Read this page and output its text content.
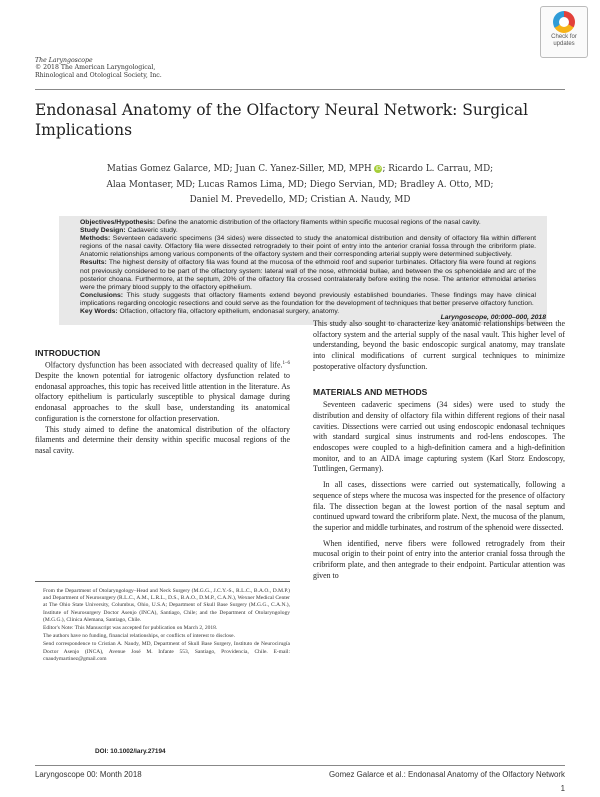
Check for
updates
The Laryngoscope
© 2018 The American Laryngological,
Rhinological and Otological Society, Inc.
Endonasal Anatomy of the Olfactory Neural Network: Surgical Implications
Matias Gomez Galarce, MD; Juan C. Yanez-Siller, MD, MPH iD ; Ricardo L. Carrau, MD;
Alaa Montaser, MD; Lucas Ramos Lima, MD; Diego Servian, MD; Bradley A. Otto, MD;
Daniel M. Prevedello, MD; Cristian A. Naudy, MD

Objectives/Hypothesis: Define the anatomic distribution of the olfactory filaments within specific mucosal regions of the nasal cavity.

Study Design: Cadaveric study.

Methods: Seventeen cadaveric specimens (34 sides) were dissected to study the anatomical distribution and density of olfactory fila within different regions of the nasal cavity. Olfactory fila were dissected retrogradely to their point of entry into the anterior cranial fossa through the cribriform plate. Anatomic relationships among various components of the olfactory system and their corresponding arterial supply were determined subjectively.

Results: The highest density of olfactory fila was found at the mucosa of the ethmoid roof and superior turbinates. Olfactory fila were found at regions not previously considered to be part of the olfactory system: lateral wall of the nose, ethmoidal bullae, and between the os sphenoidale and arc of the posterior choana. Furthermore, at the septum, 20% of the olfactory fila crossed contralaterally before exiting the nose. The anterior ethmoidal arteries were the primary blood supply to the olfactory epithelium.

Conclusions: This study suggests that olfactory filaments extend beyond previously established boundaries. These findings may have clinical implications regarding oncologic resections and could serve as the foundation for the development of techniques that better preserve olfactory function.

Key Words: Olfaction, olfactory fila, olfactory epithelium, endonasal surgery, anatomy.

Laryngoscope, 00:000–000, 2018
INTRODUCTION

Olfactory dysfunction has been associated with decreased quality of life.$^{1-6}$ Despite the known potential for iatrogenic olfactory dysfunction related to endonasal approaches, this topic has received little attention in the literature. As olfactory epithelium is particularly susceptible to physical damage during endonasal approaches to the skull base, understanding its anatomical configuration is the cornerstone for olfaction preservation.

This study aimed to define the anatomical distribution of the olfactory filaments and determine their density within specific mucosal regions of the nasal cavity.

From the Department of Otolaryngology–Head and Neck Surgery (M.G.G., J.C.Y.-S., R.L.C., B.A.O., D.M.P.) and Department of Neurosurgery (R.L.C., A.M., L.R.L., D.S., B.A.O., D.M.P., C.A.N.), Wexner Medical Center at The Ohio State University, Columbus, Ohio, U.S.A; Department of Skull Base Surgery (M.G.G., C.A.N.), Institute of Neurosurgery Doctor Asenjo (INCA), Santiago, Chile; and the Department of Otolaryngology (M.G.G.), Clinica Alemana, Santiago, Chile.

Editor's Note: This Manuscript was accepted for publication on March 2, 2018.

The authors have no funding, financial relationships, or conflicts of interest to disclose.

Send correspondence to Cristian A. Naudy, MD, Department of Skull Base Surgery, Instituto de Neurocirugía Doctor Asenjo (INCA), Avenue José M. Infante 553, Santiago, Providencia, Chile. E-mail: cnaudymartinez@gmail.com

DOI: 10.1002/lary.27194

This study also sought to characterize key anatomic relationships between the olfactory system and the arterial supply of the nasal vault. This higher level of understanding, beyond the basic endoscopic surgical anatomy, may translate into clinical modifications of current surgical techniques to minimize postoperative olfactory dysfunction.

MATERIALS AND METHODS

Seventeen cadaveric specimens (34 sides) were used to study the distribution and density of olfactory fila within different regions of their nasal cavities. Dissections were carried out using endoscopic endonasal techniques with standard surgical sinus instruments and rod-lens endoscopes. The endoscopes were coupled to a high-definition camera and a high-definition monitor, and to an AIDA image capturing system (Karl Storz Endoscopy, Tuttlingen, Germany).

In all cases, dissections were carried out systematically, following a sequence of steps where the mucosa was inspected for the presence of olfactory fila. The dissection began at the lowest portion of the nasal septum and continued upward toward the cribriform plate. Next, the mucosa of the planum, the superior and middle turbinates, and rostrum of the sphenoid were dissected.

When identified, nerve fibers were followed retrogradely from their mucosal origin to their point of entry into the anterior cranial fossa through the cribriform plate, and then antegrade to their endpoint. Particular attention was given to

Laryngoscope 00: Month 2018	Gomez Galarce et al.: Endonasal Anatomy of the Olfactory Network
1
